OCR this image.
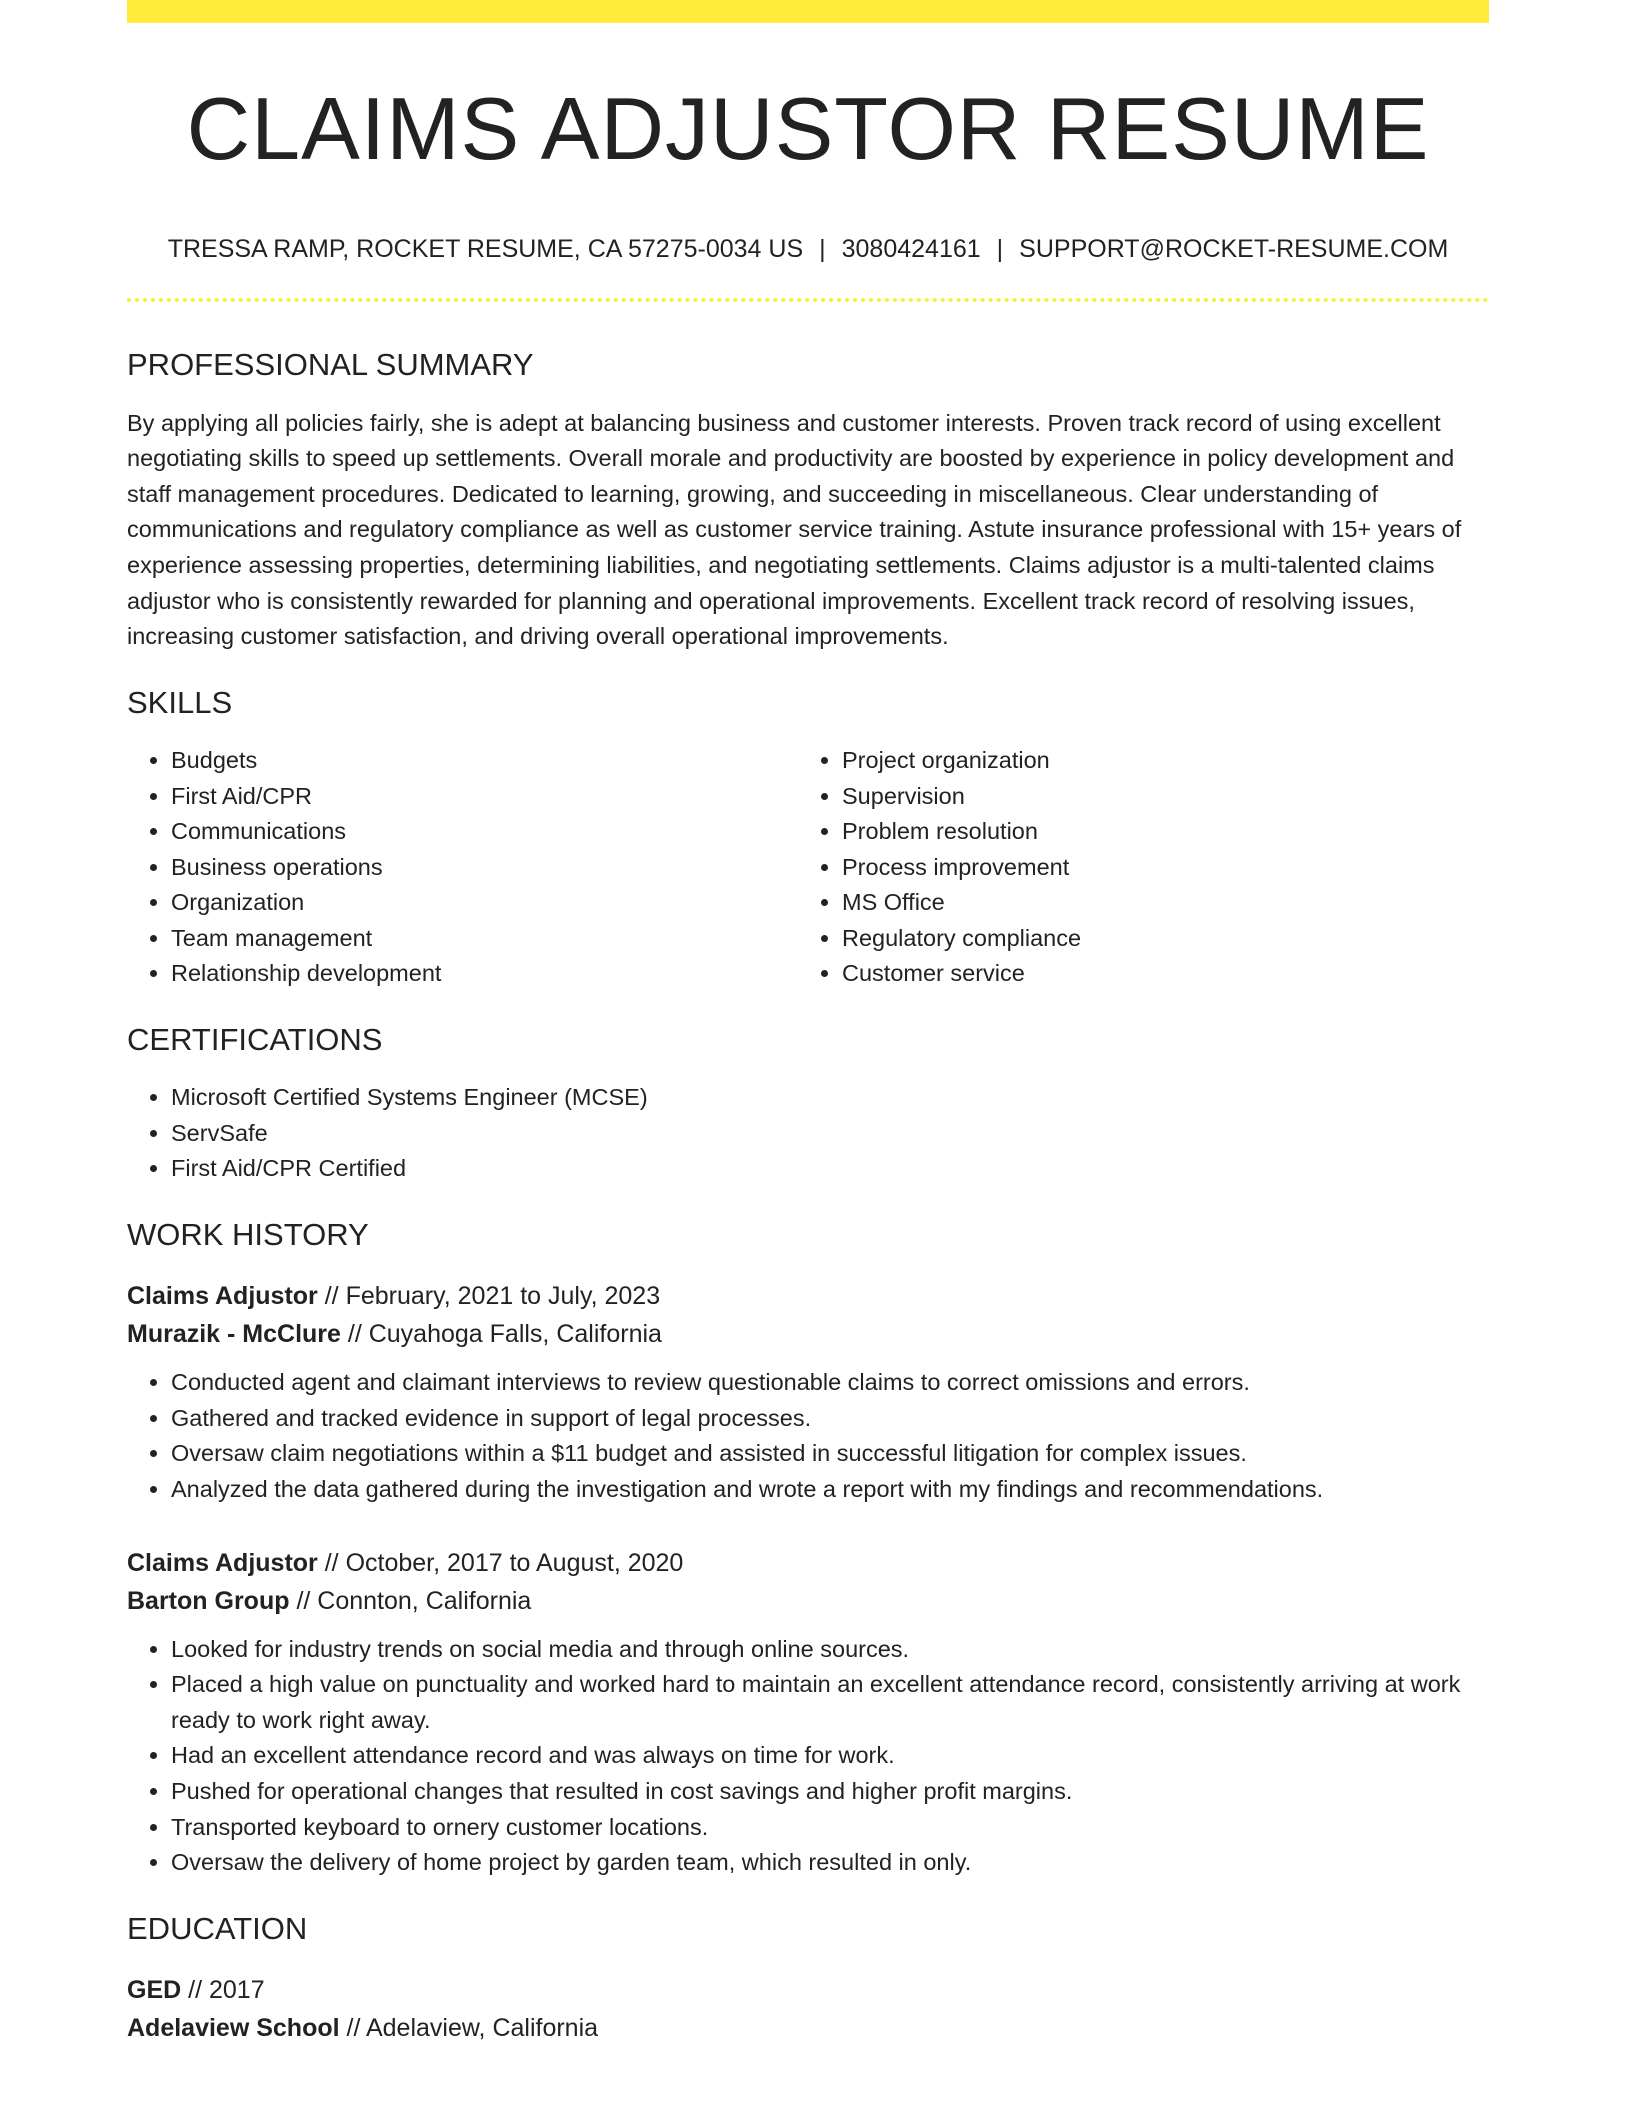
CLAIMS ADJUSTOR RESUME
TRESSA RAMP, ROCKET RESUME, CA 57275-0034 US | 3080424161 | SUPPORT@ROCKET-RESUME.COM
PROFESSIONAL SUMMARY

By applying all policies fairly, she is adept at balancing business and customer interests. Proven track record of using excellent negotiating skills to speed up settlements. Overall morale and productivity are boosted by experience in policy development and staff management procedures. Dedicated to learning, growing, and succeeding in miscellaneous. Clear understanding of communications and regulatory compliance as well as customer service training. Astute insurance professional with 15+ years of experience assessing properties, determining liabilities, and negotiating settlements. Claims adjustor is a multi-talented claims adjustor who is consistently rewarded for planning and operational improvements. Excellent track record of resolving issues, increasing customer satisfaction, and driving overall operational improvements.

SKILLS
• Budgets
• First Aid/CPR
• Communications
• Business operations
• Organization
• Team management
• Relationship development
• Project organization
• Supervision
• Problem resolution
• Process improvement
• MS Office
• Regulatory compliance
• Customer service
CERTIFICATIONS
• Microsoft Certified Systems Engineer (MCSE)
• ServSafe
• First Aid/CPR Certified
WORK HISTORY
Claims Adjustor // February, 2021 to July, 2023
Murazik - McClure // Cuyahoga Falls, California
• Conducted agent and claimant interviews to review questionable claims to correct omissions and errors.
• Gathered and tracked evidence in support of legal processes.
• Oversaw claim negotiations within a $11 budget and assisted in successful litigation for complex issues.
• Analyzed the data gathered during the investigation and wrote a report with my findings and recommendations.
Claims Adjustor // October, 2017 to August, 2020
Barton Group // Connton, California
• Looked for industry trends on social media and through online sources.
• Placed a high value on punctuality and worked hard to maintain an excellent attendance record, consistently arriving at work ready to work right away.
• Had an excellent attendance record and was always on time for work.
• Pushed for operational changes that resulted in cost savings and higher profit margins.
• Transported keyboard to ornery customer locations.
• Oversaw the delivery of home project by garden team, which resulted in only.
EDUCATION
GED // 2017
Adelaview School // Adelaview, California
